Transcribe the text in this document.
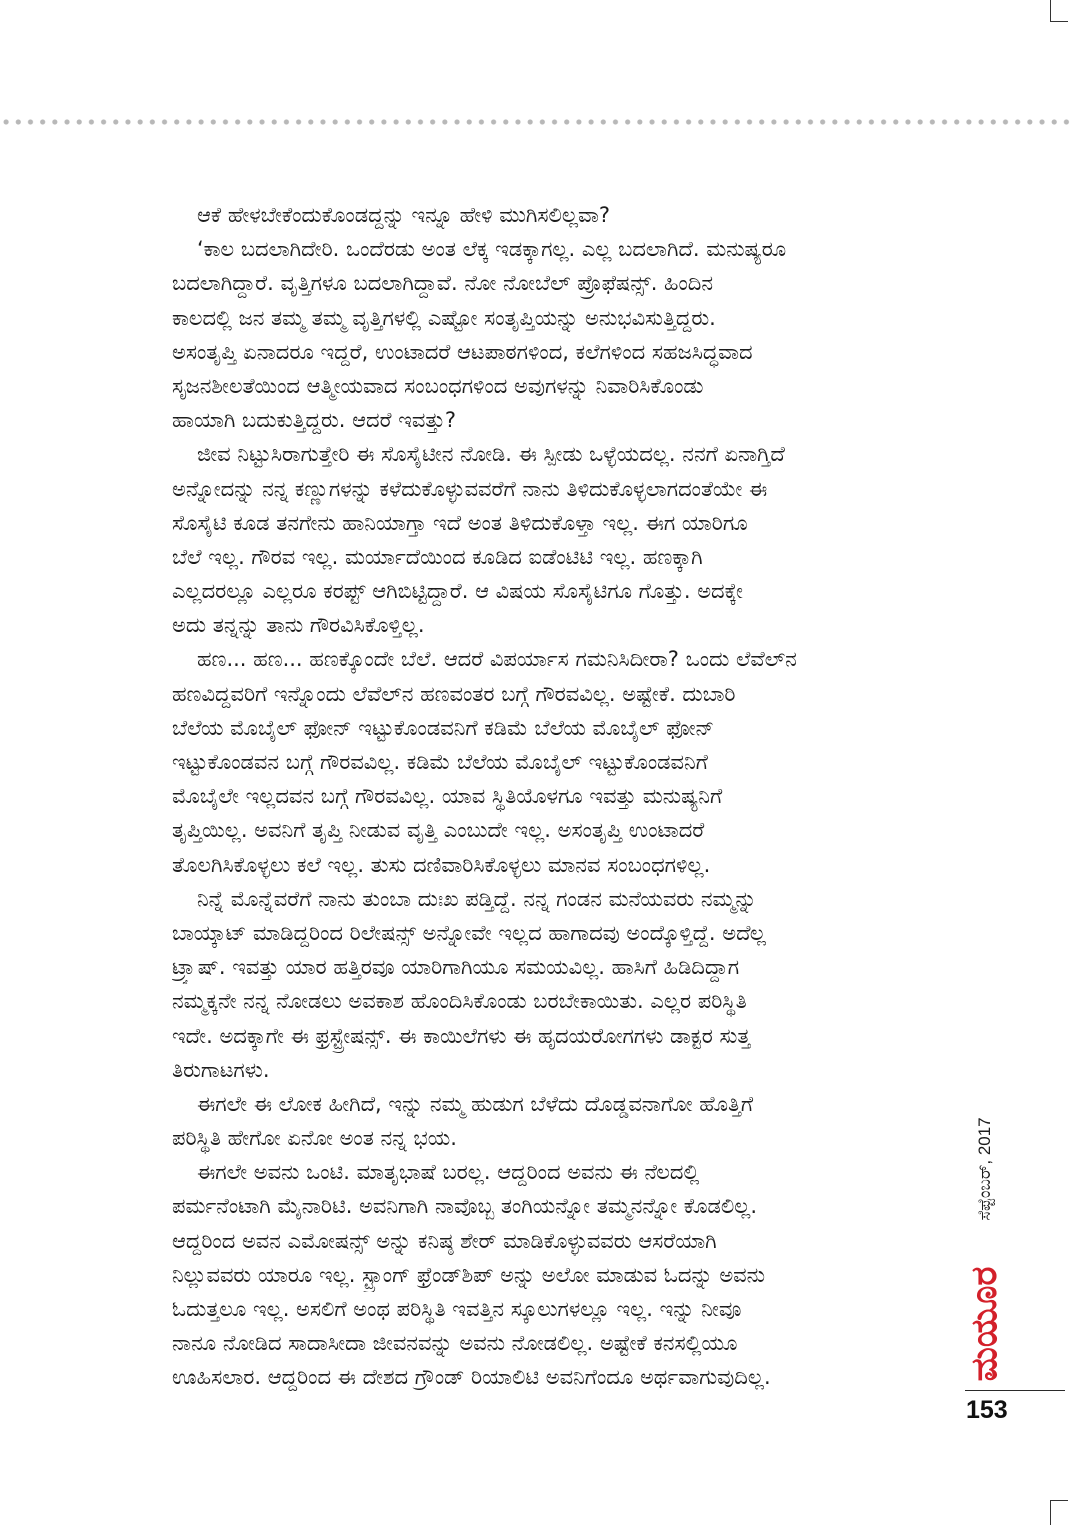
ಆಕೆ ಹೇಳಬೇಕೆಂದುಕೊಂಡದ್ದನ್ನು ಇನ್ನೂ ಹೇಳಿ ಮುಗಿಸಲಿಲ್ಲವಾ?
‘ಕಾಲ ಬದಲಾಗಿದೇರಿ. ಒಂದೆರಡು ಅಂತ ಲೆಕ್ಕ ಇಡಕ್ಕಾಗಲ್ಲ. ಎಲ್ಲ ಬದಲಾಗಿದೆ. ಮನುಷ್ಯರೂ
ಬದಲಾಗಿದ್ದಾರೆ. ವೃತ್ತಿಗಳೂ ಬದಲಾಗಿದ್ದಾವೆ. ನೋ ನೋಬೆಲ್ ಪ್ರೊಫೆಷನ್ಸ್. ಹಿಂದಿನ
ಕಾಲದಲ್ಲಿ ಜನ ತಮ್ಮ ತಮ್ಮ ವೃತ್ತಿಗಳಲ್ಲಿ ಎಷ್ಟೋ ಸಂತೃಪ್ತಿಯನ್ನು ಅನುಭವಿಸುತ್ತಿದ್ದರು.
ಅಸಂತೃಪ್ತಿ ಏನಾದರೂ ಇದ್ದರೆ, ಉಂಟಾದರೆ ಆಟಪಾಠಗಳಿಂದ, ಕಲೆಗಳಿಂದ ಸಹಜಸಿದ್ಧವಾದ
ಸೃಜನಶೀಲತೆಯಿಂದ ಆತ್ಮೀಯವಾದ ಸಂಬಂಧಗಳಿಂದ ಅವುಗಳನ್ನು ನಿವಾರಿಸಿಕೊಂಡು
ಹಾಯಾಗಿ ಬದುಕುತ್ತಿದ್ದರು. ಆದರೆ ಇವತ್ತು?
ಜೀವ ನಿಟ್ಟುಸಿರಾಗುತ್ತೇರಿ ಈ ಸೊಸೈಟೀನ ನೋಡಿ. ಈ ಸ್ಪೀಡು ಒಳ್ಳೆಯದಲ್ಲ. ನನಗೆ ಏನಾಗ್ತಿದೆ
ಅನ್ನೋದನ್ನು ನನ್ನ ಕಣ್ಣುಗಳನ್ನು ಕಳೆದುಕೊಳ್ಳುವವರೆಗೆ ನಾನು ತಿಳಿದುಕೊಳ್ಳಲಾಗದಂತೆಯೇ ಈ
ಸೊಸೈಟಿ ಕೂಡ ತನಗೇನು ಹಾನಿಯಾಗ್ತಾ ಇದೆ ಅಂತ ತಿಳಿದುಕೊಳ್ತಾ ಇಲ್ಲ. ಈಗ ಯಾರಿಗೂ
ಬೆಲೆ ಇಲ್ಲ. ಗೌರವ ಇಲ್ಲ. ಮರ್ಯಾದೆಯಿಂದ ಕೂಡಿದ ಐಡೆಂಟಿಟಿ ಇಲ್ಲ. ಹಣಕ್ಕಾಗಿ
ಎಲ್ಲದರಲ್ಲೂ ಎಲ್ಲರೂ ಕರಪ್ಟ್ ಆಗಿಬಿಟ್ಟಿದ್ದಾರೆ. ಆ ವಿಷಯ ಸೊಸೈಟಿಗೂ ಗೊತ್ತು. ಅದಕ್ಕೇ
ಅದು ತನ್ನನ್ನು ತಾನು ಗೌರವಿಸಿಕೊಳ್ತಿಲ್ಲ.
ಹಣ... ಹಣ... ಹಣಕ್ಕೊಂದೇ ಬೆಲೆ. ಆದರೆ ವಿಪರ್ಯಾಸ ಗಮನಿಸಿದೀರಾ? ಒಂದು ಲೆವೆಲ್‌ನ
ಹಣವಿದ್ದವರಿಗೆ ಇನ್ನೊಂದು ಲೆವೆಲ್‌ನ ಹಣವಂತರ ಬಗ್ಗೆ ಗೌರವವಿಲ್ಲ. ಅಷ್ಟೇಕೆ. ದುಬಾರಿ
ಬೆಲೆಯ ಮೊಬೈಲ್ ಫೋನ್ ಇಟ್ಟುಕೊಂಡವನಿಗೆ ಕಡಿಮೆ ಬೆಲೆಯ ಮೊಬೈಲ್ ಫೋನ್
ಇಟ್ಟುಕೊಂಡವನ ಬಗ್ಗೆ ಗೌರವವಿಲ್ಲ. ಕಡಿಮೆ ಬೆಲೆಯ ಮೊಬೈಲ್ ಇಟ್ಟುಕೊಂಡವನಿಗೆ
ಮೊಬೈಲೇ ಇಲ್ಲದವನ ಬಗ್ಗೆ ಗೌರವವಿಲ್ಲ. ಯಾವ ಸ್ಥಿತಿಯೊಳಗೂ ಇವತ್ತು ಮನುಷ್ಯನಿಗೆ
ತೃಪ್ತಿಯಿಲ್ಲ. ಅವನಿಗೆ ತೃಪ್ತಿ ನೀಡುವ ವೃತ್ತಿ ಎಂಬುದೇ ಇಲ್ಲ. ಅಸಂತೃಪ್ತಿ ಉಂಟಾದರೆ
ತೊಲಗಿಸಿಕೊಳ್ಳಲು ಕಲೆ ಇಲ್ಲ. ತುಸು ದಣಿವಾರಿಸಿಕೊಳ್ಳಲು ಮಾನವ ಸಂಬಂಧಗಳಿಲ್ಲ.
ನಿನ್ನೆ ಮೊನ್ನೆವರೆಗೆ ನಾನು ತುಂಬಾ ದುಃಖ ಪಡ್ತಿದ್ದೆ. ನನ್ನ ಗಂಡನ ಮನೆಯವರು ನಮ್ಮನ್ನು
ಬಾಯ್ಕಾಟ್ ಮಾಡಿದ್ದರಿಂದ ರಿಲೇಷನ್ಸ್ ಅನ್ನೋವೇ ಇಲ್ಲದ ಹಾಗಾದವು ಅಂದ್ಕೊಳ್ತಿದ್ದೆ. ಅದೆಲ್ಲ
ಟ್ರ್ಯಾಷ್. ಇವತ್ತು ಯಾರ ಹತ್ತಿರವೂ ಯಾರಿಗಾಗಿಯೂ ಸಮಯವಿಲ್ಲ. ಹಾಸಿಗೆ ಹಿಡಿದಿದ್ದಾಗ
ನಮ್ಮಕ್ಕನೇ ನನ್ನ ನೋಡಲು ಅವಕಾಶ ಹೊಂದಿಸಿಕೊಂಡು ಬರಬೇಕಾಯಿತು. ಎಲ್ಲರ ಪರಿಸ್ಥಿತಿ
ಇದೇ. ಅದಕ್ಕಾಗೇ ಈ ಫ್ರಸ್ಟ್ರೇಷನ್ಸ್. ಈ ಕಾಯಿಲೆಗಳು ಈ ಹೃದಯರೋಗಗಳು ಡಾಕ್ಟರ ಸುತ್ತ
ತಿರುಗಾಟಗಳು.
ಈಗಲೇ ಈ ಲೋಕ ಹೀಗಿದೆ, ಇನ್ನು ನಮ್ಮ ಹುಡುಗ ಬೆಳೆದು ದೊಡ್ಡವನಾಗೋ ಹೊತ್ತಿಗೆ
ಪರಿಸ್ಥಿತಿ ಹೇಗೋ ಏನೋ ಅಂತ ನನ್ನ ಭಯ.
ಈಗಲೇ ಅವನು ಒಂಟಿ. ಮಾತೃಭಾಷೆ ಬರಲ್ಲ. ಆದ್ದರಿಂದ ಅವನು ಈ ನೆಲದಲ್ಲಿ
ಪರ್ಮನೆಂಟಾಗಿ ಮೈನಾರಿಟಿ. ಅವನಿಗಾಗಿ ನಾವೊಬ್ಬ ತಂಗಿಯನ್ನೋ ತಮ್ಮನನ್ನೋ ಕೊಡಲಿಲ್ಲ.
ಆದ್ದರಿಂದ ಅವನ ಎಮೋಷನ್ಸ್ ಅನ್ನು ಕನಿಷ್ಠ ಶೇರ್ ಮಾಡಿಕೊಳ್ಳುವವರು ಆಸರೆಯಾಗಿ
ನಿಲ್ಲುವವರು ಯಾರೂ ಇಲ್ಲ. ಸ್ಟ್ರಾಂಗ್ ಫ್ರೆಂಡ್‌ಶಿಪ್ ಅನ್ನು ಅಲೋ ಮಾಡುವ ಓದನ್ನು ಅವನು
ಓದುತ್ತಲೂ ಇಲ್ಲ. ಅಸಲಿಗೆ ಅಂಥ ಪರಿಸ್ಥಿತಿ ಇವತ್ತಿನ ಸ್ಕೂಲುಗಳಲ್ಲೂ ಇಲ್ಲ. ಇನ್ನು ನೀವೂ
ನಾನೂ ನೋಡಿದ ಸಾದಾಸೀದಾ ಜೀವನವನ್ನು ಅವನು ನೋಡಲಿಲ್ಲ. ಅಷ್ಟೇಕೆ ಕನಸಲ್ಲಿಯೂ
ಊಹಿಸಲಾರ. ಆದ್ದರಿಂದ ಈ ದೇಶದ ಗ್ರೌಂಡ್ ರಿಯಾಲಿಟಿ ಅವನಿಗೆಂದೂ ಅರ್ಥವಾಗುವುದಿಲ್ಲ.
ಸೆಪ್ಟೆಂಬರ್, 2017
ಮಯೂರ
153
